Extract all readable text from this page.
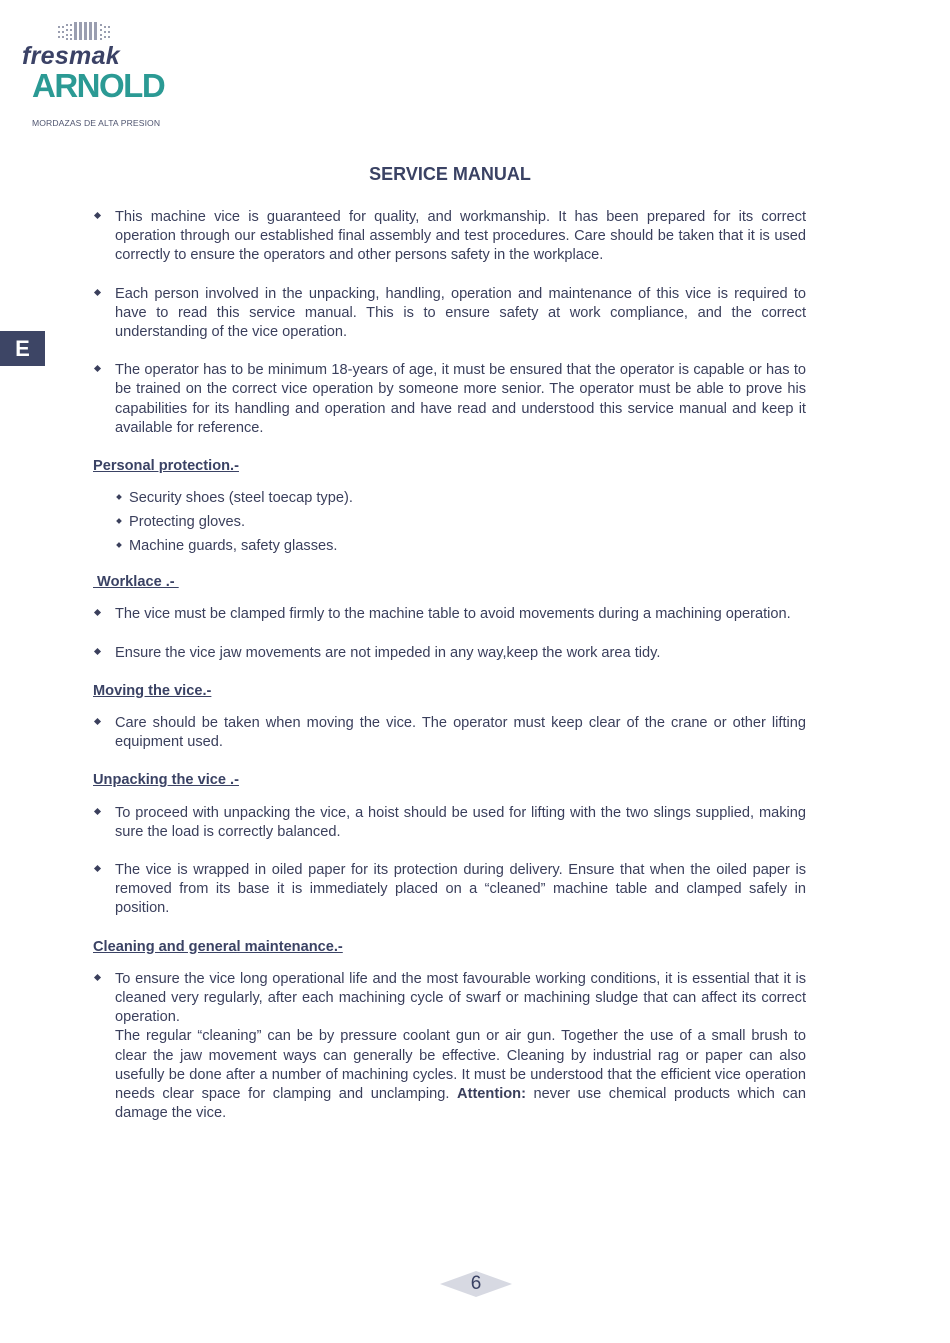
fresmak
ARNOLD
MORDAZAS DE ALTA PRESION
E
SERVICE MANUAL
This machine vice is guaranteed for quality, and workmanship. It has been prepared for its correct operation through our established final assembly and test procedures. Care should be taken that it is used correctly to ensure the operators and other persons safety in the workplace.
Each person involved in the unpacking, handling, operation and maintenance of this vice is required to have to read this service manual. This is to ensure safety at work compliance, and the correct understanding of the vice operation.
The operator has to be minimum 18-years of age, it must be ensured that the operator is capable or has to be trained on the correct vice operation by someone more senior. The operator must be able to prove his capabilities for its handling and operation and have read and understood this service manual and keep it available for reference.
Personal protection.-
Security shoes (steel toecap type).
Protecting gloves.
Machine guards, safety glasses.
Worklace .-
The vice must be clamped firmly to the machine table to avoid movements during a machining operation.
Ensure the vice jaw movements are not impeded in any way,keep the work area tidy.
Moving the vice.-
Care should be taken when moving the vice. The operator must keep clear of the crane or other lifting equipment used.
Unpacking the vice .-
To proceed with unpacking the vice, a hoist should be used for lifting with the two slings supplied, making sure the load is correctly balanced.
The vice is wrapped in oiled paper for its protection during delivery. Ensure that when the oiled paper is removed from its base it is immediately placed on a “cleaned” machine table and clamped safely in position.
Cleaning and general maintenance.-
To ensure the vice long operational life and the most favourable working conditions, it is essential that it is cleaned very regularly, after each machining cycle of swarf or machining sludge that can affect its correct operation.
The regular “cleaning” can be by pressure coolant gun or air gun. Together the use of a small brush to clear the jaw movement ways can generally be effective. Cleaning by industrial rag or paper can also usefully be done after a number of machining cycles. It must be understood that the efficient vice operation needs clear space for clamping and unclamping. Attention: never use chemical products which can damage the vice.
6
